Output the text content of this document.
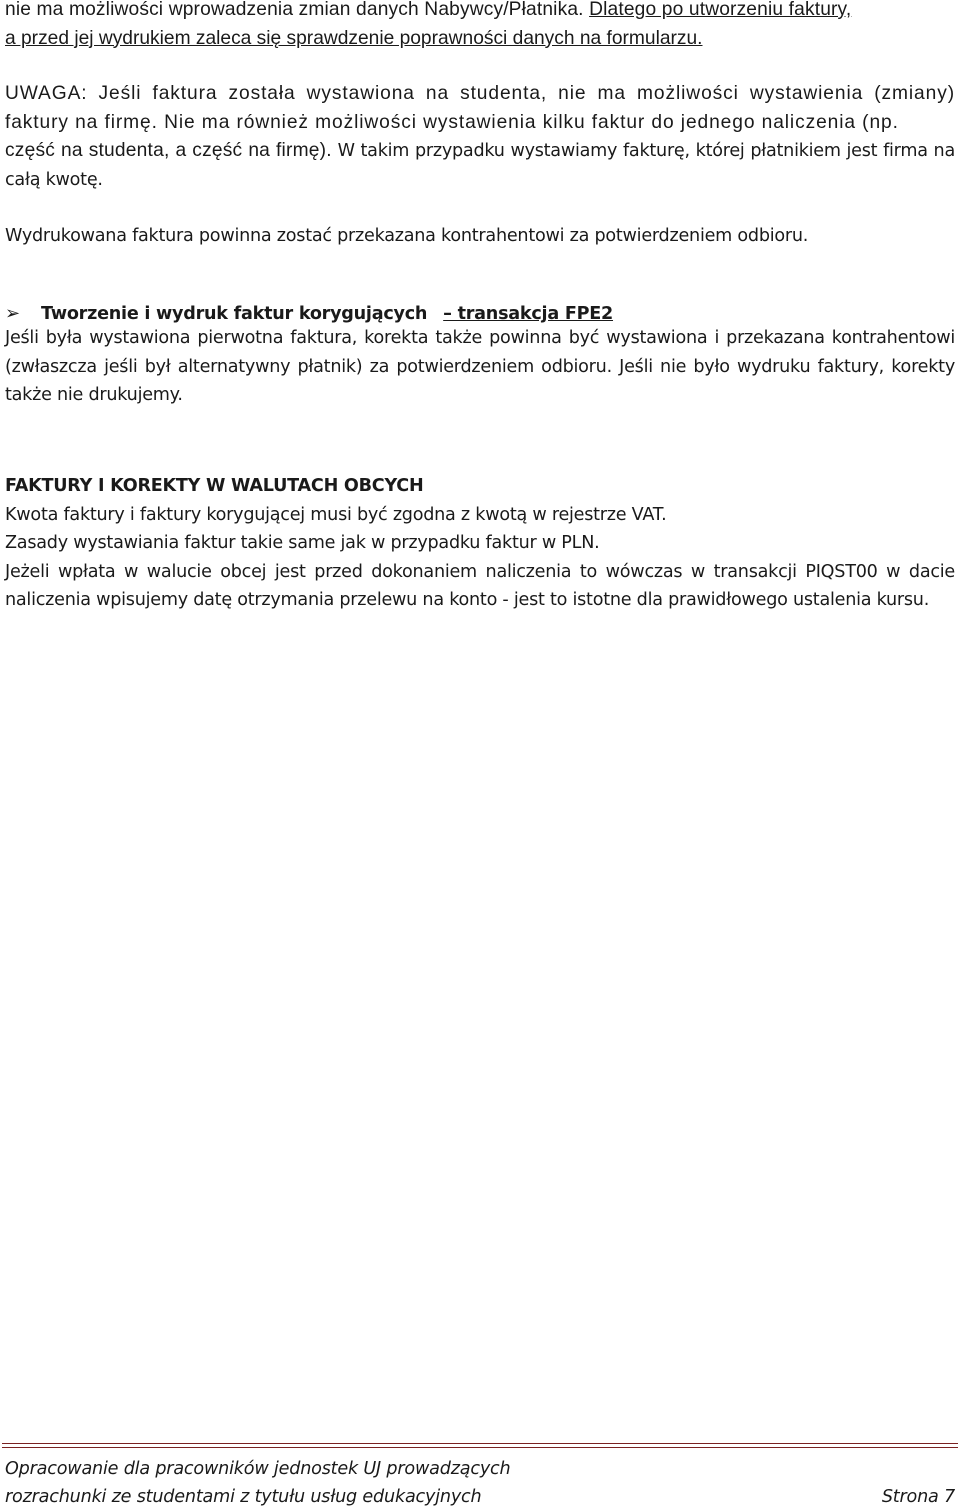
nie ma możliwości wprowadzenia zmian danych Nabywcy/Płatnika. Dlatego po utworzeniu faktury,

a przed jej wydrukiem zaleca się sprawdzenie poprawności danych na formularzu.

UWAGA: Jeśli faktura została wystawiona na studenta, nie ma możliwości wystawienia (zmiany) faktury na firmę. Nie ma również możliwości wystawienia kilku faktur do jednego naliczenia (np.

część na studenta, a część na firmę). W takim przypadku wystawiamy fakturę, której płatnikiem jest firma na całą kwotę.

Wydrukowana faktura powinna zostać przekazana kontrahentowi za potwierdzeniem odbioru.

➢	Tworzenie i wydruk faktur korygujących – transakcja FPE2

Jeśli była wystawiona pierwotna faktura, korekta także powinna być wystawiona i przekazana kontrahentowi (zwłaszcza jeśli był alternatywny płatnik) za potwierdzeniem odbioru. Jeśli nie było wydruku faktury, korekty także nie drukujemy.

FAKTURY I KOREKTY W WALUTACH OBCYCH

Kwota faktury i faktury korygującej musi być zgodna z kwotą w rejestrze VAT.

Zasady wystawiania faktur takie same jak w przypadku faktur w PLN.

Jeżeli wpłata w walucie obcej jest przed dokonaniem naliczenia to wówczas w transakcji PIQST00 w dacie naliczenia wpisujemy datę otrzymania przelewu na konto - jest to istotne dla prawidłowego ustalenia kursu.

Opracowanie dla pracowników jednostek UJ prowadzących
rozrachunki ze studentami z tytułu usług edukacyjnych	Strona 7
